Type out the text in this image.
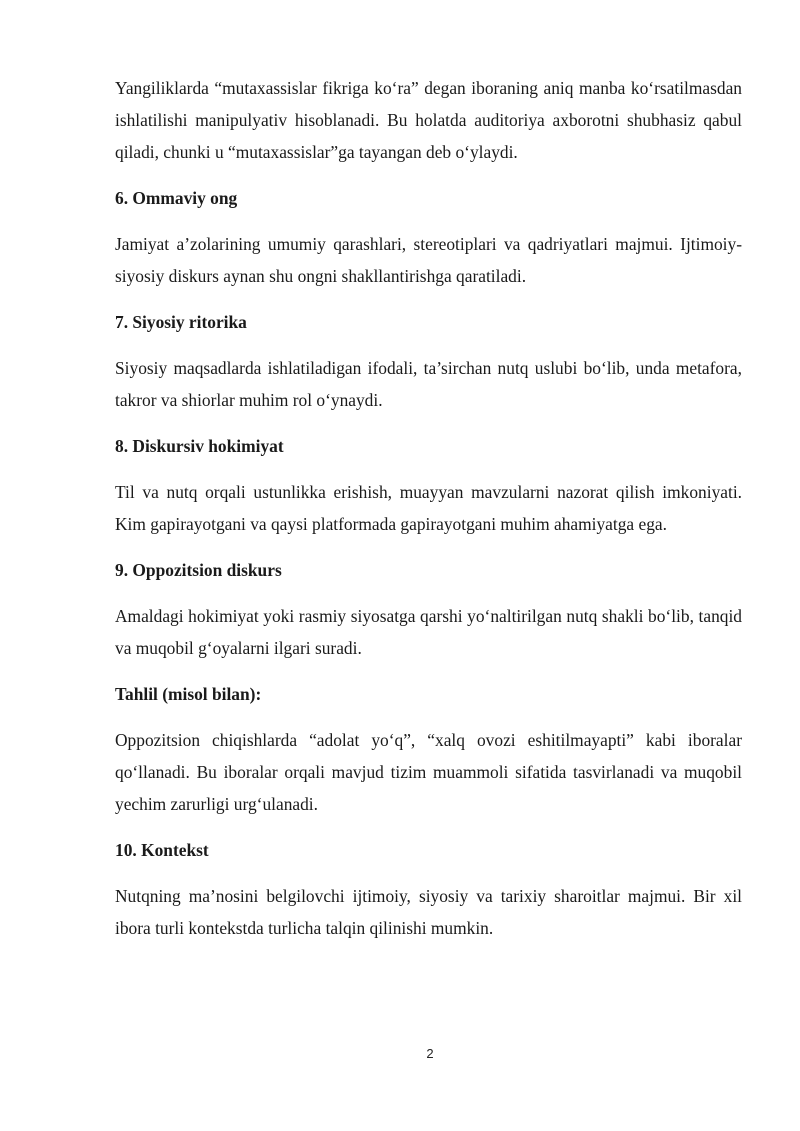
Yangiliklarda “mutaxassislar fikriga ko‘ra” degan iboraning aniq manba ko‘rsatilmasdan ishlatilishi manipulyativ hisoblanadi. Bu holatda auditoriya axborotni shubhasiz qabul qiladi, chunki u “mutaxassislar”ga tayangan deb o‘ylaydi.

6. Ommaviy ong

Jamiyat a’zolarining umumiy qarashlari, stereotiplari va qadriyatlari majmui. Ijtimoiy-siyosiy diskurs aynan shu ongni shakllantirishga qaratiladi.

7. Siyosiy ritorika

Siyosiy maqsadlarda ishlatiladigan ifodali, ta’sirchan nutq uslubi bo‘lib, unda metafora, takror va shiorlar muhim rol o‘ynaydi.

8. Diskursiv hokimiyat

Til va nutq orqali ustunlikka erishish, muayyan mavzularni nazorat qilish imkoniyati. Kim gapirayotgani va qaysi platformada gapirayotgani muhim ahamiyatga ega.

9. Oppozitsion diskurs

Amaldagi hokimiyat yoki rasmiy siyosatga qarshi yo‘naltirilgan nutq shakli bo‘lib, tanqid va muqobil g‘oyalarni ilgari suradi.

Tahlil (misol bilan):

Oppozitsion chiqishlarda “adolat yo‘q”, “xalq ovozi eshitilmayapti” kabi iboralar qo‘llanadi. Bu iboralar orqali mavjud tizim muammoli sifatida tasvirlanadi va muqobil yechim zarurligi urg‘ulanadi.

10. Kontekst

Nutqning ma’nosini belgilovchi ijtimoiy, siyosiy va tarixiy sharoitlar majmui. Bir xil ibora turli kontekstda turlicha talqin qilinishi mumkin.

2
